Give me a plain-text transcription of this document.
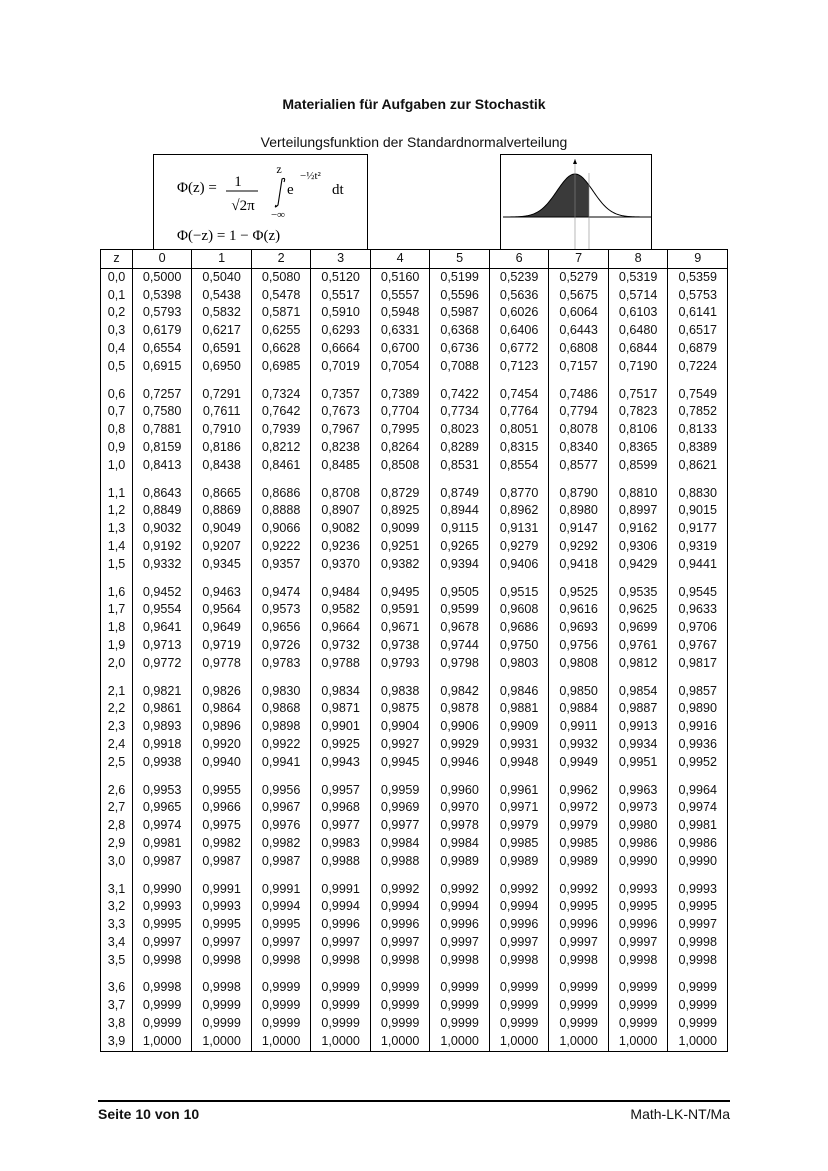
Materialien für Aufgaben zur Stochastik
Verteilungsfunktion der Standardnormalverteilung
Φ(z) = 1
√2π
z
−∞
e
−½t²
dt
Φ(−z) = 1 − Φ(z)
z	0	1	2	3	4	5	6	7	8	9
0,0	0,5000	0,5040	0,5080	0,5120	0,5160	0,5199	0,5239	0,5279	0,5319	0,5359
0,1	0,5398	0,5438	0,5478	0,5517	0,5557	0,5596	0,5636	0,5675	0,5714	0,5753
0,2	0,5793	0,5832	0,5871	0,5910	0,5948	0,5987	0,6026	0,6064	0,6103	0,6141
0,3	0,6179	0,6217	0,6255	0,6293	0,6331	0,6368	0,6406	0,6443	0,6480	0,6517
0,4	0,6554	0,6591	0,6628	0,6664	0,6700	0,6736	0,6772	0,6808	0,6844	0,6879
0,5	0,6915	0,6950	0,6985	0,7019	0,7054	0,7088	0,7123	0,7157	0,7190	0,7224
0,6	0,7257	0,7291	0,7324	0,7357	0,7389	0,7422	0,7454	0,7486	0,7517	0,7549
0,7	0,7580	0,7611	0,7642	0,7673	0,7704	0,7734	0,7764	0,7794	0,7823	0,7852
0,8	0,7881	0,7910	0,7939	0,7967	0,7995	0,8023	0,8051	0,8078	0,8106	0,8133
0,9	0,8159	0,8186	0,8212	0,8238	0,8264	0,8289	0,8315	0,8340	0,8365	0,8389
1,0	0,8413	0,8438	0,8461	0,8485	0,8508	0,8531	0,8554	0,8577	0,8599	0,8621
1,1	0,8643	0,8665	0,8686	0,8708	0,8729	0,8749	0,8770	0,8790	0,8810	0,8830
1,2	0,8849	0,8869	0,8888	0,8907	0,8925	0,8944	0,8962	0,8980	0,8997	0,9015
1,3	0,9032	0,9049	0,9066	0,9082	0,9099	0,9115	0,9131	0,9147	0,9162	0,9177
1,4	0,9192	0,9207	0,9222	0,9236	0,9251	0,9265	0,9279	0,9292	0,9306	0,9319
1,5	0,9332	0,9345	0,9357	0,9370	0,9382	0,9394	0,9406	0,9418	0,9429	0,9441
1,6	0,9452	0,9463	0,9474	0,9484	0,9495	0,9505	0,9515	0,9525	0,9535	0,9545
1,7	0,9554	0,9564	0,9573	0,9582	0,9591	0,9599	0,9608	0,9616	0,9625	0,9633
1,8	0,9641	0,9649	0,9656	0,9664	0,9671	0,9678	0,9686	0,9693	0,9699	0,9706
1,9	0,9713	0,9719	0,9726	0,9732	0,9738	0,9744	0,9750	0,9756	0,9761	0,9767
2,0	0,9772	0,9778	0,9783	0,9788	0,9793	0,9798	0,9803	0,9808	0,9812	0,9817
2,1	0,9821	0,9826	0,9830	0,9834	0,9838	0,9842	0,9846	0,9850	0,9854	0,9857
2,2	0,9861	0,9864	0,9868	0,9871	0,9875	0,9878	0,9881	0,9884	0,9887	0,9890
2,3	0,9893	0,9896	0,9898	0,9901	0,9904	0,9906	0,9909	0,9911	0,9913	0,9916
2,4	0,9918	0,9920	0,9922	0,9925	0,9927	0,9929	0,9931	0,9932	0,9934	0,9936
2,5	0,9938	0,9940	0,9941	0,9943	0,9945	0,9946	0,9948	0,9949	0,9951	0,9952
2,6	0,9953	0,9955	0,9956	0,9957	0,9959	0,9960	0,9961	0,9962	0,9963	0,9964
2,7	0,9965	0,9966	0,9967	0,9968	0,9969	0,9970	0,9971	0,9972	0,9973	0,9974
2,8	0,9974	0,9975	0,9976	0,9977	0,9977	0,9978	0,9979	0,9979	0,9980	0,9981
2,9	0,9981	0,9982	0,9982	0,9983	0,9984	0,9984	0,9985	0,9985	0,9986	0,9986
3,0	0,9987	0,9987	0,9987	0,9988	0,9988	0,9989	0,9989	0,9989	0,9990	0,9990
3,1	0,9990	0,9991	0,9991	0,9991	0,9992	0,9992	0,9992	0,9992	0,9993	0,9993
3,2	0,9993	0,9993	0,9994	0,9994	0,9994	0,9994	0,9994	0,9995	0,9995	0,9995
3,3	0,9995	0,9995	0,9995	0,9996	0,9996	0,9996	0,9996	0,9996	0,9996	0,9997
3,4	0,9997	0,9997	0,9997	0,9997	0,9997	0,9997	0,9997	0,9997	0,9997	0,9998
3,5	0,9998	0,9998	0,9998	0,9998	0,9998	0,9998	0,9998	0,9998	0,9998	0,9998
3,6	0,9998	0,9998	0,9999	0,9999	0,9999	0,9999	0,9999	0,9999	0,9999	0,9999
3,7	0,9999	0,9999	0,9999	0,9999	0,9999	0,9999	0,9999	0,9999	0,9999	0,9999
3,8	0,9999	0,9999	0,9999	0,9999	0,9999	0,9999	0,9999	0,9999	0,9999	0,9999
3,9	1,0000	1,0000	1,0000	1,0000	1,0000	1,0000	1,0000	1,0000	1,0000	1,0000
Seite 10 von 10	Math-LK-NT/Ma
